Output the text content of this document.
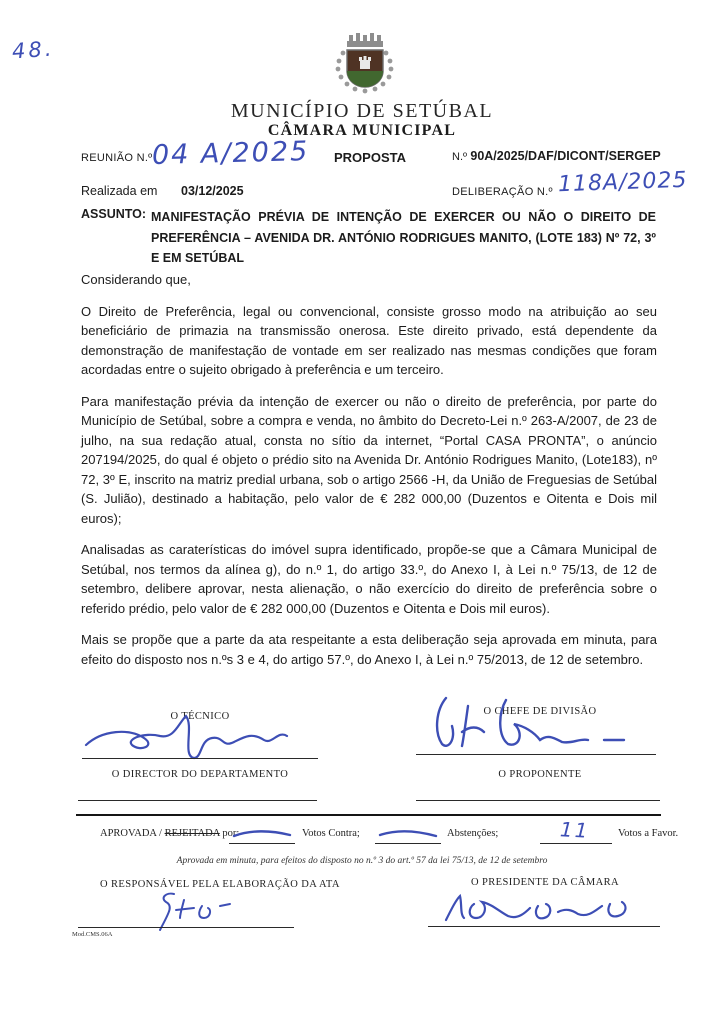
48.
MUNICÍPIO DE SETÚBAL
CÂMARA MUNICIPAL
REUNIÃO N.º 04 A/2025 PROPOSTA	N.º 90A/2025/DAF/DICONT/SERGEP
Realizada em 03/12/2025	DELIBERAÇÃO N.º 118A/2025
ASSUNTO: MANIFESTAÇÃO PRÉVIA DE INTENÇÃO DE EXERCER OU NÃO O DIREITO DE PREFERÊNCIA – AVENIDA DR. ANTÓNIO RODRIGUES MANITO, (LOTE 183) Nº 72, 3º E EM SETÚBAL

Considerando que,

O Direito de Preferência, legal ou convencional, consiste grosso modo na atribuição ao seu beneficiário de primazia na transmissão onerosa. Este direito privado, está dependente da demonstração de manifestação de vontade em ser realizado nas mesmas condições que foram acordadas entre o sujeito obrigado à preferência e um terceiro.

Para manifestação prévia da intenção de exercer ou não o direito de preferência, por parte do Município de Setúbal, sobre a compra e venda, no âmbito do Decreto-Lei n.º 263-A/2007, de 23 de julho, na sua redação atual, consta no sítio da internet, “Portal CASA PRONTA”, o anúncio 207194/2025, do qual é objeto o prédio sito na Avenida Dr. António Rodrigues Manito, (Lote183), nº 72, 3º E, inscrito na matriz predial urbana, sob o artigo 2566 -H, da União de Freguesias de Setúbal (S. Julião), destinado a habitação, pelo valor de € 282 000,00 (Duzentos e Oitenta e Dois mil euros);

Analisadas as caraterísticas do imóvel supra identificado, propõe-se que a Câmara Municipal de Setúbal, nos termos da alínea g), do n.º 1, do artigo 33.º, do Anexo I, à Lei n.º 75/13, de 12 de setembro, delibere aprovar, nesta alienação, o não exercício do direito de preferência sobre o referido prédio, pelo valor de € 282 000,00 (Duzentos e Oitenta e Dois mil euros).

Mais se propõe que a parte da ata respeitante a esta deliberação seja aprovada em minuta, para efeito do disposto nos n.ºs 3 e 4, do artigo 57.º, do Anexo I, à Lei n.º 75/2013, de 12 de setembro.

O TÉCNICO	O CHEFE DE DIVISÃO
O DIRECTOR DO DEPARTAMENTO	O PROPONENTE
APROVADA / REJEITADA por:	Votos Contra;	Abstenções;	11	Votos a Favor.
Aprovada em minuta, para efeitos do disposto no n.º 3 do art.º 57 da lei 75/13, de 12 de setembro
O RESPONSÁVEL PELA ELABORAÇÃO DA ATA	O PRESIDENTE DA CÂMARA
Mod.CMS.06A
